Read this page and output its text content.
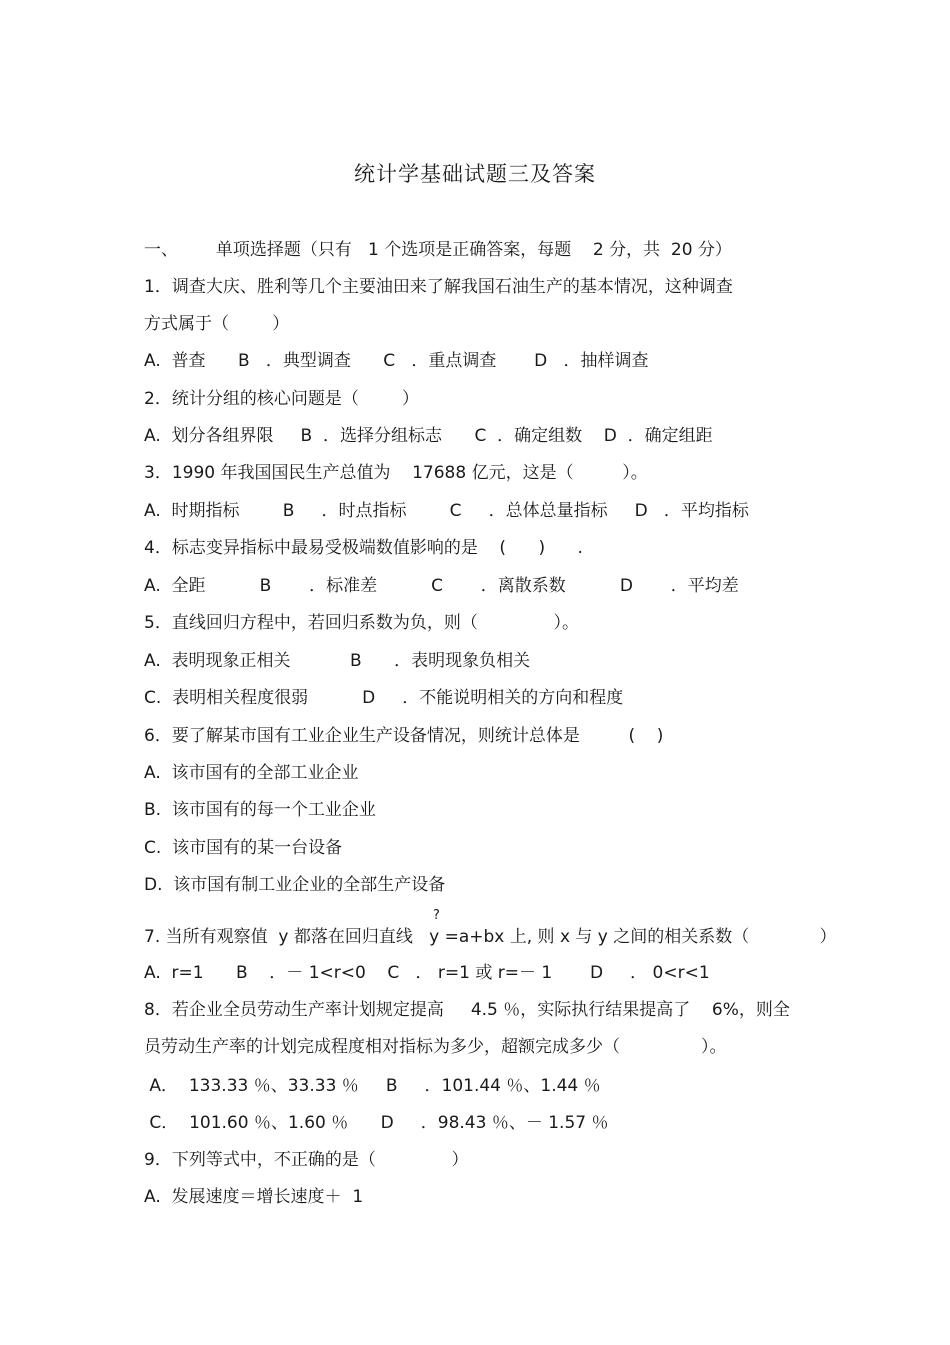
统计学基础试题三及答案
一、       单项选择题（只有   1 个选项是正确答案，每题    2 分，共  20 分）
1．调查大庆、胜利等几个主要油田来了解我国石油生产的基本情况，这种调查
方式属于（        ）
A.  普查      B   ．典型调查      C   ．重点调查       D   ．抽样调查
2．统计分组的核心问题是（        ）
A.  划分各组界限     B  ．选择分组标志      C  ．确定组数    D  ．确定组距
3．1990 年我国国民生产总值为    17688 亿元，这是（         ）。
A.  时期指标        B     ．时点指标        C     ．总体总量指标     D   ．平均指标
4．标志变异指标中最易受极端数值影响的是    (      )      .
A.  全距          B       ．标准差          C       ．离散系数          D       ．平均差
5．直线回归方程中，若回归系数为负，则（              ）。
A.  表明现象正相关           B      ．表明现象负相关
C.  表明相关程度很弱          D     ．不能说明相关的方向和程度
6．要了解某市国有工业企业生产设备情况，则统计总体是         (    )
A.  该市国有的全部工业企业
B.  该市国有的每一个工业企业
C.  该市国有的某一台设备
D.  该市国有制工业企业的全部生产设备
?
7. 当所有观察值  y 都落在回归直线   y =a+bx 上, 则 x 与 y 之间的相关系数（             ）
A.  r=1      B    ．－ 1<r<0    C   ． r=1 或 r=－ 1       D     ． 0<r<1
8．若企业全员劳动生产率计划规定提高     4.5 ％，实际执行结果提高了    6%，则全
员劳动生产率的计划完成程度相对指标为多少，超额完成多少（               ）。
A．  133.33 ％、33.33 ％     B     ．101.44 ％、1.44 ％
C．  101.60 ％、1.60 ％      D     ．98.43 ％、－ 1.57 ％
9．下列等式中，不正确的是（              ）
A.  发展速度＝增长速度＋  1
